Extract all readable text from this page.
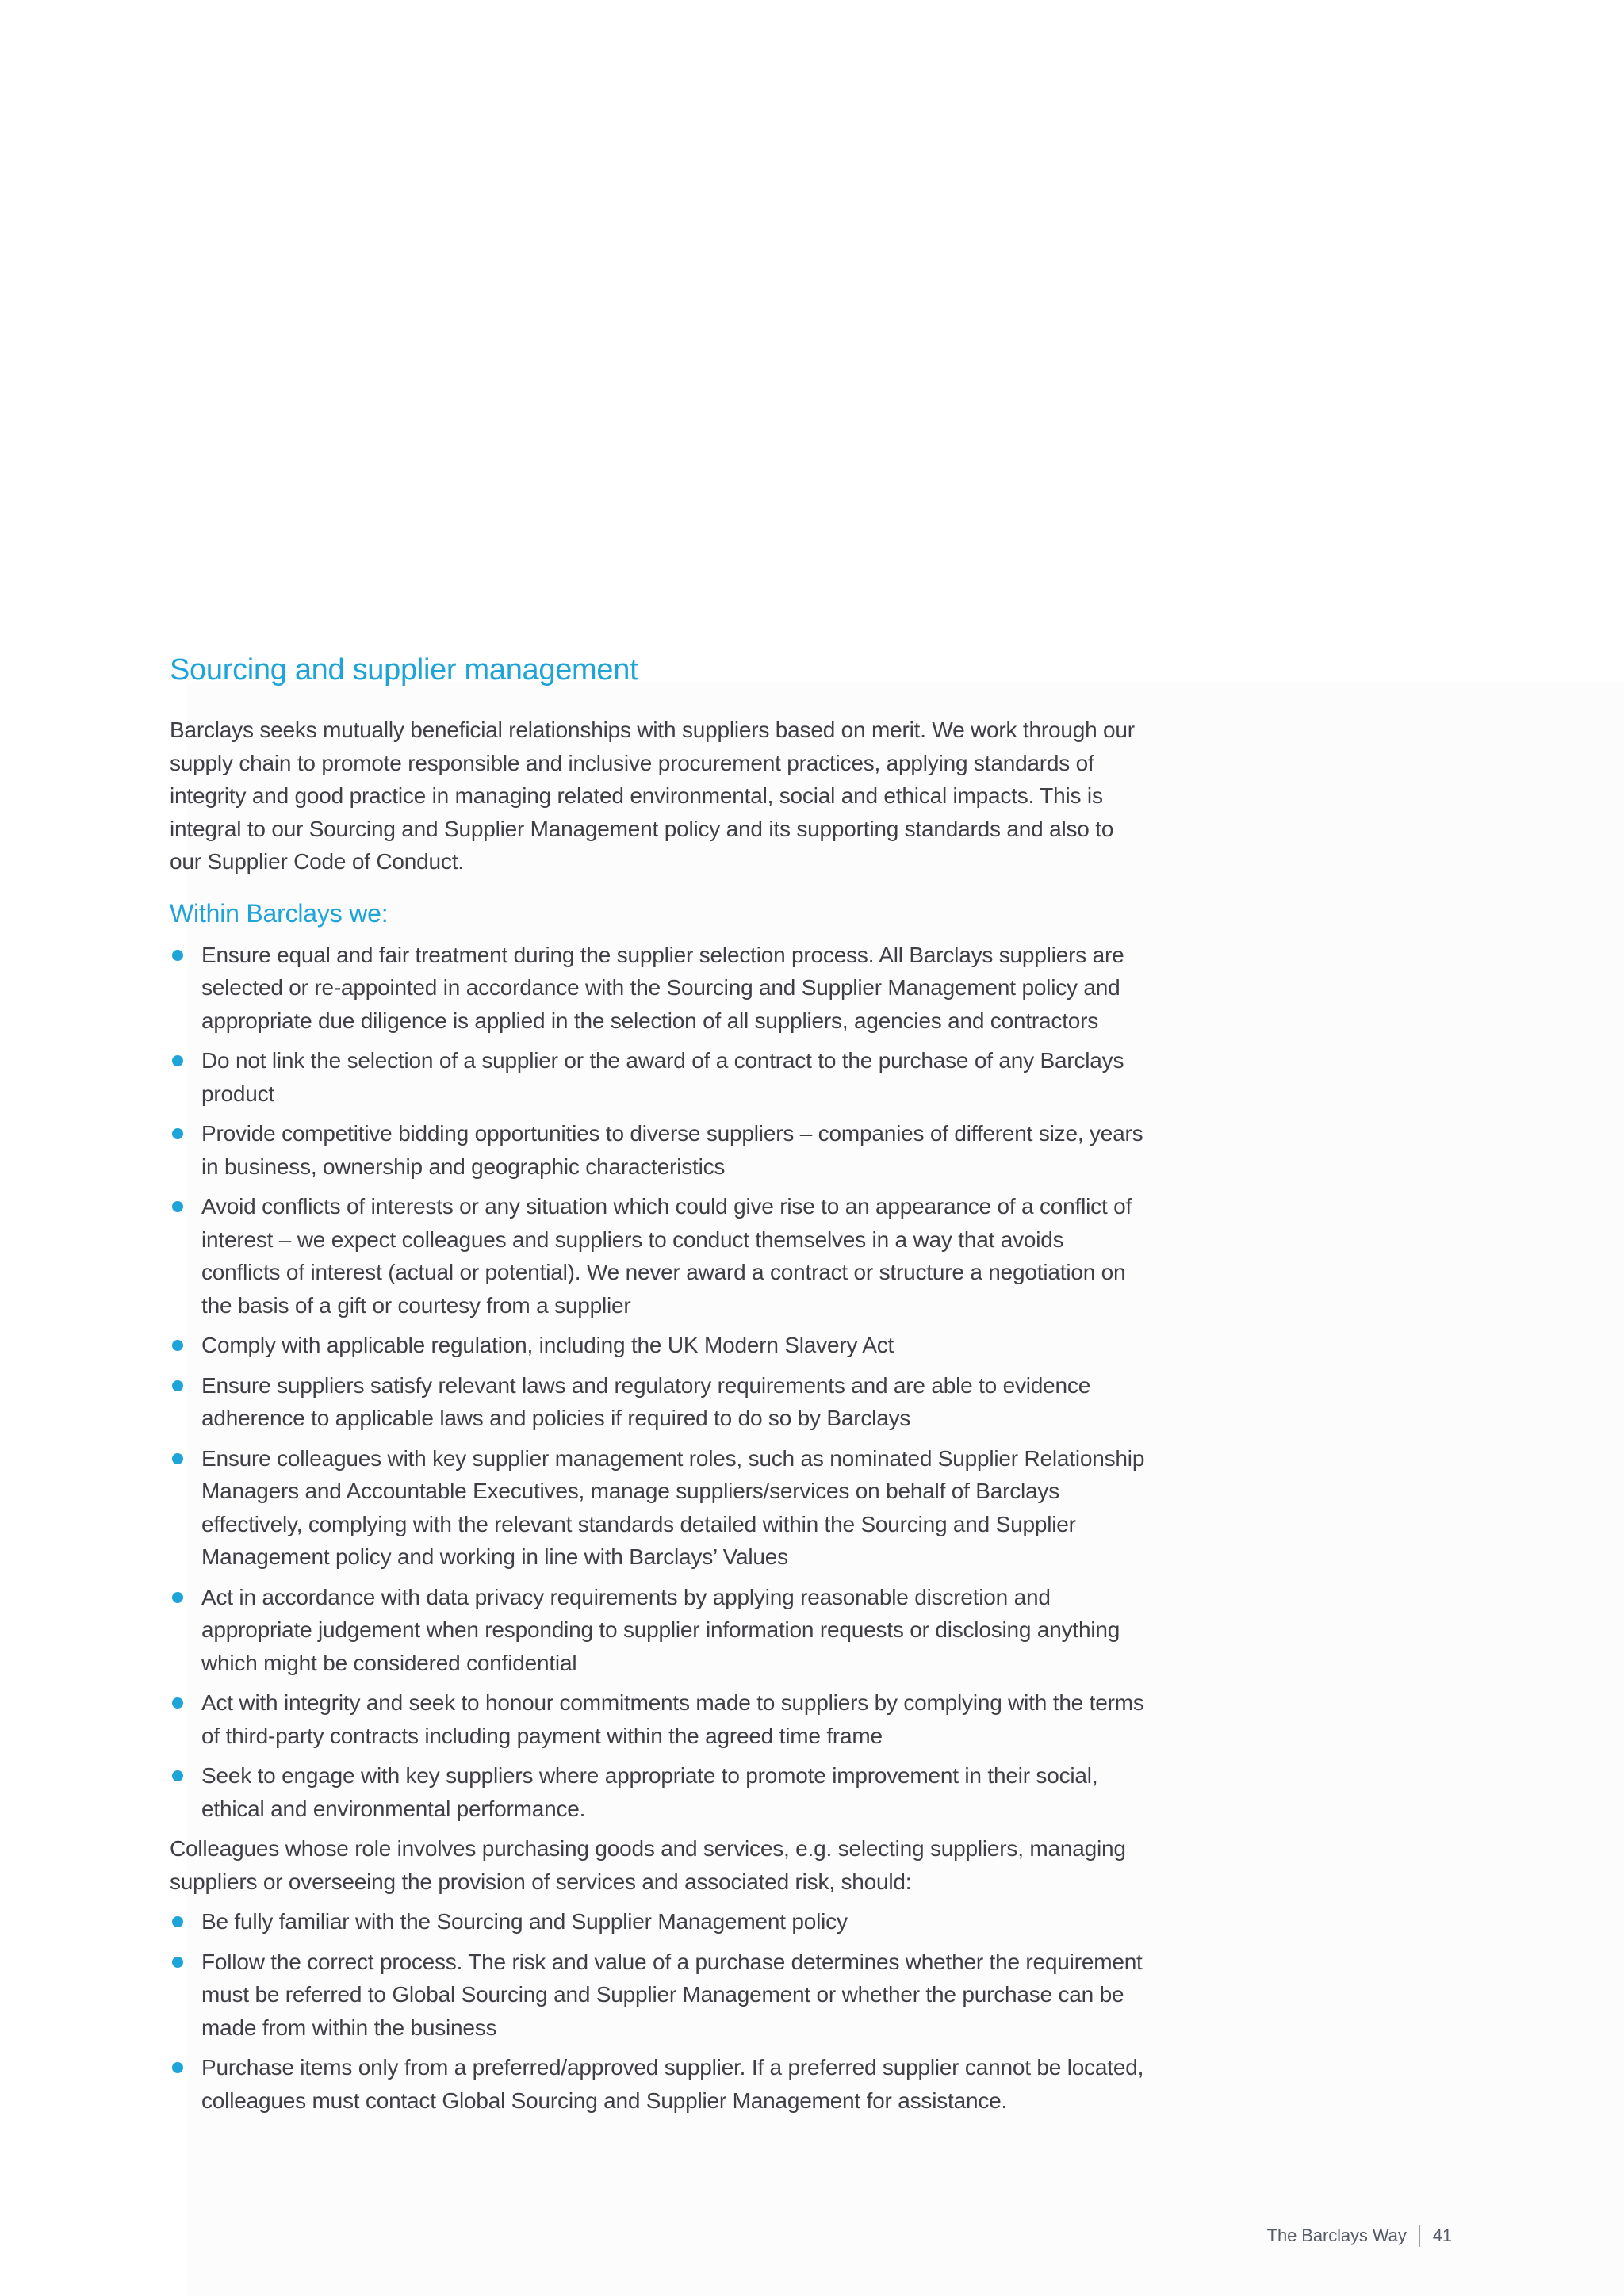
Sourcing and supplier management

Barclays seeks mutually beneficial relationships with suppliers based on merit. We work through our supply chain to promote responsible and inclusive procurement practices, applying standards of integrity and good practice in managing related environmental, social and ethical impacts. This is integral to our Sourcing and Supplier Management policy and its supporting standards and also to our Supplier Code of Conduct.

Within Barclays we:
Ensure equal and fair treatment during the supplier selection process. All Barclays suppliers are selected or re-appointed in accordance with the Sourcing and Supplier Management policy and appropriate due diligence is applied in the selection of all suppliers, agencies and contractors
Do not link the selection of a supplier or the award of a contract to the purchase of any Barclays product
Provide competitive bidding opportunities to diverse suppliers – companies of different size, years in business, ownership and geographic characteristics
Avoid conflicts of interests or any situation which could give rise to an appearance of a conflict of interest – we expect colleagues and suppliers to conduct themselves in a way that avoids conflicts of interest (actual or potential). We never award a contract or structure a negotiation on the basis of a gift or courtesy from a supplier
Comply with applicable regulation, including the UK Modern Slavery Act
Ensure suppliers satisfy relevant laws and regulatory requirements and are able to evidence adherence to applicable laws and policies if required to do so by Barclays
Ensure colleagues with key supplier management roles, such as nominated Supplier Relationship Managers and Accountable Executives, manage suppliers/services on behalf of Barclays effectively, complying with the relevant standards detailed within the Sourcing and Supplier Management policy and working in line with Barclays’ Values
Act in accordance with data privacy requirements by applying reasonable discretion and appropriate judgement when responding to supplier information requests or disclosing anything which might be considered confidential
Act with integrity and seek to honour commitments made to suppliers by complying with the terms of third-party contracts including payment within the agreed time frame
Seek to engage with key suppliers where appropriate to promote improvement in their social, ethical and environmental performance.

Colleagues whose role involves purchasing goods and services, e.g. selecting suppliers, managing suppliers or overseeing the provision of services and associated risk, should:

Be fully familiar with the Sourcing and Supplier Management policy
Follow the correct process. The risk and value of a purchase determines whether the requirement must be referred to Global Sourcing and Supplier Management or whether the purchase can be made from within the business
Purchase items only from a preferred/approved supplier. If a preferred supplier cannot be located, colleagues must contact Global Sourcing and Supplier Management for assistance.
The Barclays Way 41
